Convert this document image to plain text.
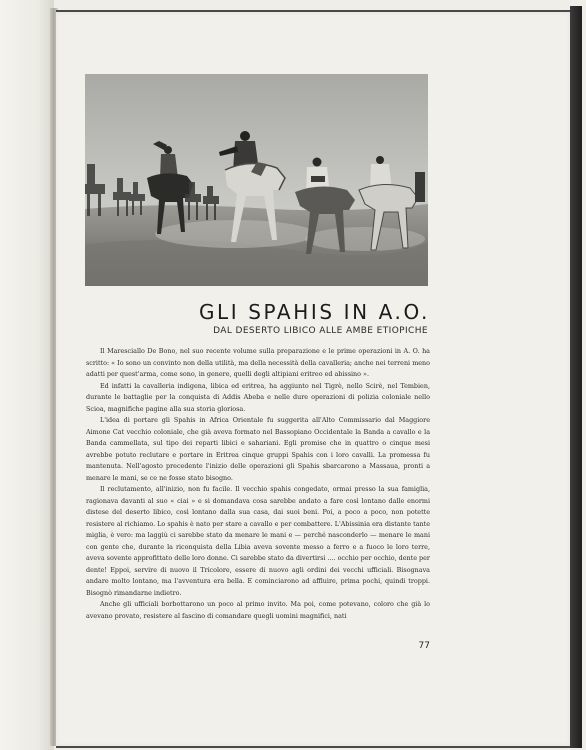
GLI SPAHIS IN A.O.
DAL DESERTO LIBICO ALLE AMBE ETIOPICHE

Il Maresciallo De Bono, nel suo recente volume sulla preparazione e le prime operazioni in A. O. ha scritto: « Io sono un convinto non della utilità, ma della necessità della cavalleria; anche nei terreni meno adatti per quest'arma, come sono, in genere, quelli degli altipiani eritreo ed abissino ».

Ed infatti la cavalleria indigena, libica ed eritrea, ha aggiunto nel Tigrè, nello Scirè, nel Tembien, durante le battaglie per la conquista di Addis Abeba e nelle dure operazioni di polizia coloniale nello Scioa, magnifiche pagine alla sua storia gloriosa.

L'idea di portare gli Spahis in Africa Orientale fu suggerita all'Alto Commissario dal Maggiore Aimone Cat vecchio coloniale, che già aveva formato nel Bassopiano Occidentale la Banda a cavallo e la Banda cammellata, sul tipo dei reparti libici e sahariani. Egli promise che in quattro o cinque mesi avrebbe potuto reclutare e portare in Eritrea cinque gruppi Spahis con i loro cavalli. La promessa fu mantenuta. Nell'agosto precedente l'inizio delle operazioni gli Spahis sbarcarono a Massaua, pronti a menare le mani, se ce ne fosse stato bisogno.

Il reclutamento, all'inizio, non fu facile. Il vecchio spahis congedato, ormai presso la sua famiglia, ragionava davanti al suo « ciai » e si domandava cosa sarebbe andato a fare così lontano dalle enormi distese del deserto libico, così lontano dalla sua casa, dai suoi beni. Poi, a poco a poco, non potette resistere al richiamo. Lo spahis è nato per stare a cavallo e per combattere. L'Abissinia era distante tante miglia, è vero: ma laggiù ci sarebbe stato da menare le mani e — perché nasconderlo — menare le mani con gente che, durante la riconquista della Libia aveva sovente messo a ferro e a fuoco le loro terre, aveva sovente approfittato delle loro donne. Ci sarebbe stato da divertirsi .... occhio per occhio, dente per dente! Eppoi, servire di nuovo il Tricolore, essere di nuovo agli ordini dei vecchi ufficiali. Bisognava andare molto lontano, ma l'avventura era bella. E cominciarono ad affluire, prima pochi, quindi troppi. Bisognò rimandarne indietro.

Anche gli ufficiali borbottarono un poco al primo invito. Ma poi, come potevano, coloro che già lo avevano provato, resistere al fascino di comandare quegli uomini magnifici, nati

77
